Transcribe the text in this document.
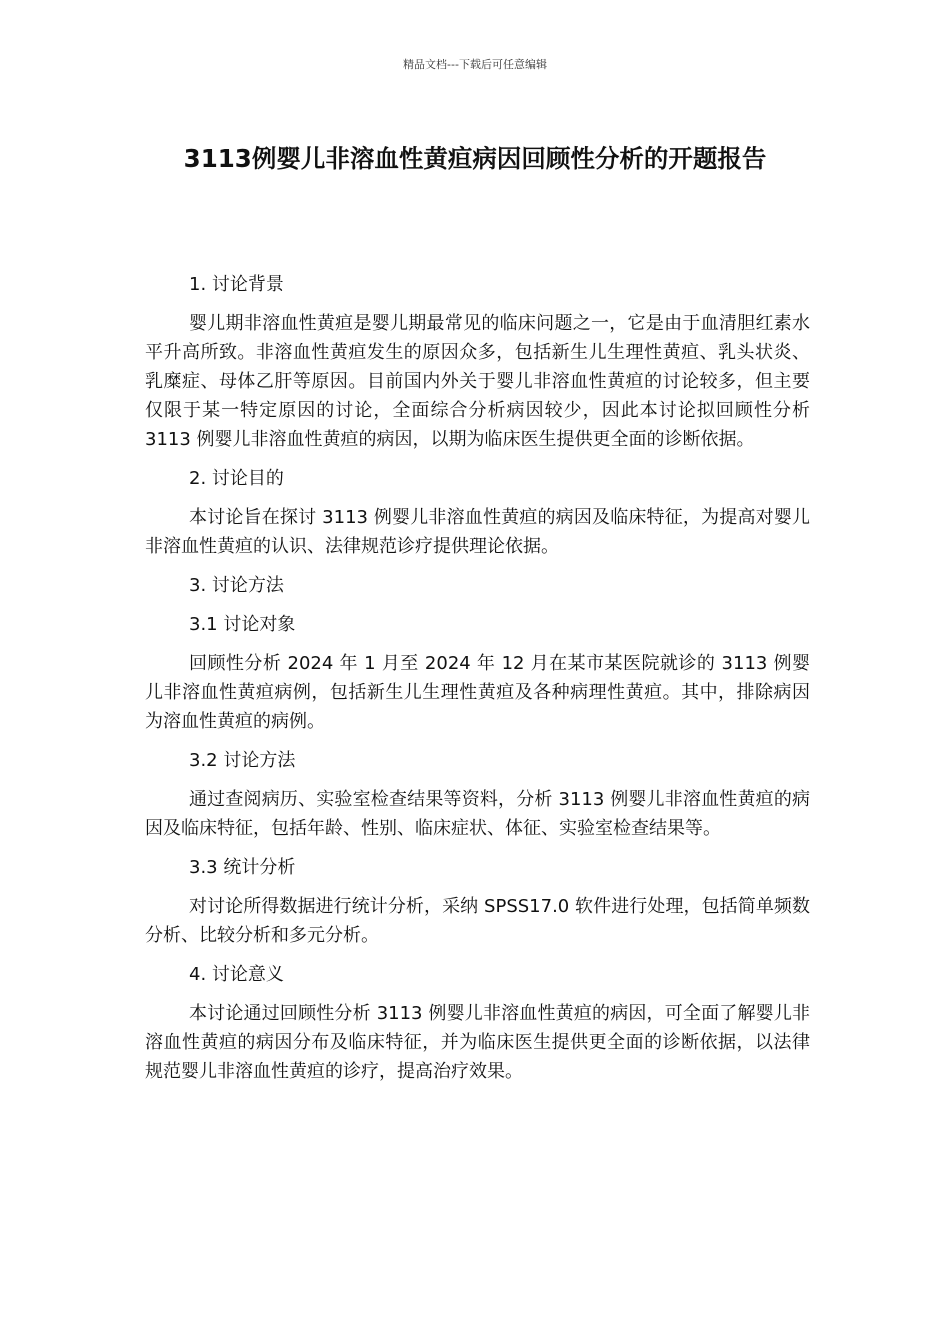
精品文档---下载后可任意编辑
3113例婴儿非溶血性黄疸病因回顾性分析的开题报告

1. 讨论背景

婴儿期非溶血性黄疸是婴儿期最常见的临床问题之一，它是由于血清胆红素水平升高所致。非溶血性黄疸发生的原因众多，包括新生儿生理性黄疸、乳头状炎、乳糜症、母体乙肝等原因。目前国内外关于婴儿非溶血性黄疸的讨论较多，但主要仅限于某一特定原因的讨论，全面综合分析病因较少，因此本讨论拟回顾性分析 3113 例婴儿非溶血性黄疸的病因，以期为临床医生提供更全面的诊断依据。

2. 讨论目的

本讨论旨在探讨 3113 例婴儿非溶血性黄疸的病因及临床特征，为提高对婴儿非溶血性黄疸的认识、法律规范诊疗提供理论依据。

3. 讨论方法

3.1 讨论对象

回顾性分析 2024 年 1 月至 2024 年 12 月在某市某医院就诊的 3113 例婴儿非溶血性黄疸病例，包括新生儿生理性黄疸及各种病理性黄疸。其中，排除病因为溶血性黄疸的病例。

3.2 讨论方法

通过查阅病历、实验室检查结果等资料，分析 3113 例婴儿非溶血性黄疸的病因及临床特征，包括年龄、性别、临床症状、体征、实验室检查结果等。

3.3 统计分析

对讨论所得数据进行统计分析，采纳 SPSS17.0 软件进行处理，包括简单频数分析、比较分析和多元分析。

4. 讨论意义

本讨论通过回顾性分析 3113 例婴儿非溶血性黄疸的病因，可全面了解婴儿非溶血性黄疸的病因分布及临床特征，并为临床医生提供更全面的诊断依据，以法律规范婴儿非溶血性黄疸的诊疗，提高治疗效果。
